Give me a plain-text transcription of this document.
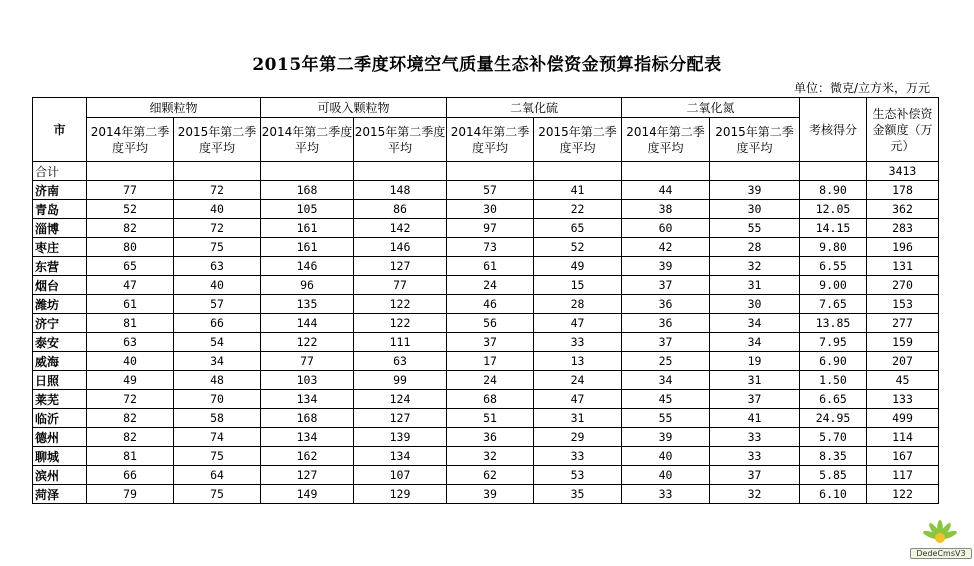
2015年第二季度环境空气质量生态补偿资金预算指标分配表
单位：微克/立方米，万元
市	细颗粒物		可吸入颗粒物		二氧化硫		二氧化氮		考核得分	生态补偿资金额度（万元）
	2014年第二季度平均	2015年第二季度平均	2014年第二季度平均	2015年第二季度平均	2014年第二季度平均	2015年第二季度平均	2014年第二季度平均	2015年第二季度平均		
合计										3413
济南	77	72	168	148	57	41	44	39	8.90	178
青岛	52	40	105	86	30	22	38	30	12.05	362
淄博	82	72	161	142	97	65	60	55	14.15	283
枣庄	80	75	161	146	73	52	42	28	9.80	196
东营	65	63	146	127	61	49	39	32	6.55	131
烟台	47	40	96	77	24	15	37	31	9.00	270
潍坊	61	57	135	122	46	28	36	30	7.65	153
济宁	81	66	144	122	56	47	36	34	13.85	277
泰安	63	54	122	111	37	33	37	34	7.95	159
威海	40	34	77	63	17	13	25	19	6.90	207
日照	49	48	103	99	24	24	34	31	1.50	45
莱芜	72	70	134	124	68	47	45	37	6.65	133
临沂	82	58	168	127	51	31	55	41	24.95	499
德州	82	74	134	139	36	29	39	33	5.70	114
聊城	81	75	162	134	32	33	40	33	8.35	167
滨州	66	64	127	107	62	53	40	37	5.85	117
菏泽	79	75	149	129	39	35	33	32	6.10	122
DedeCmsV3
